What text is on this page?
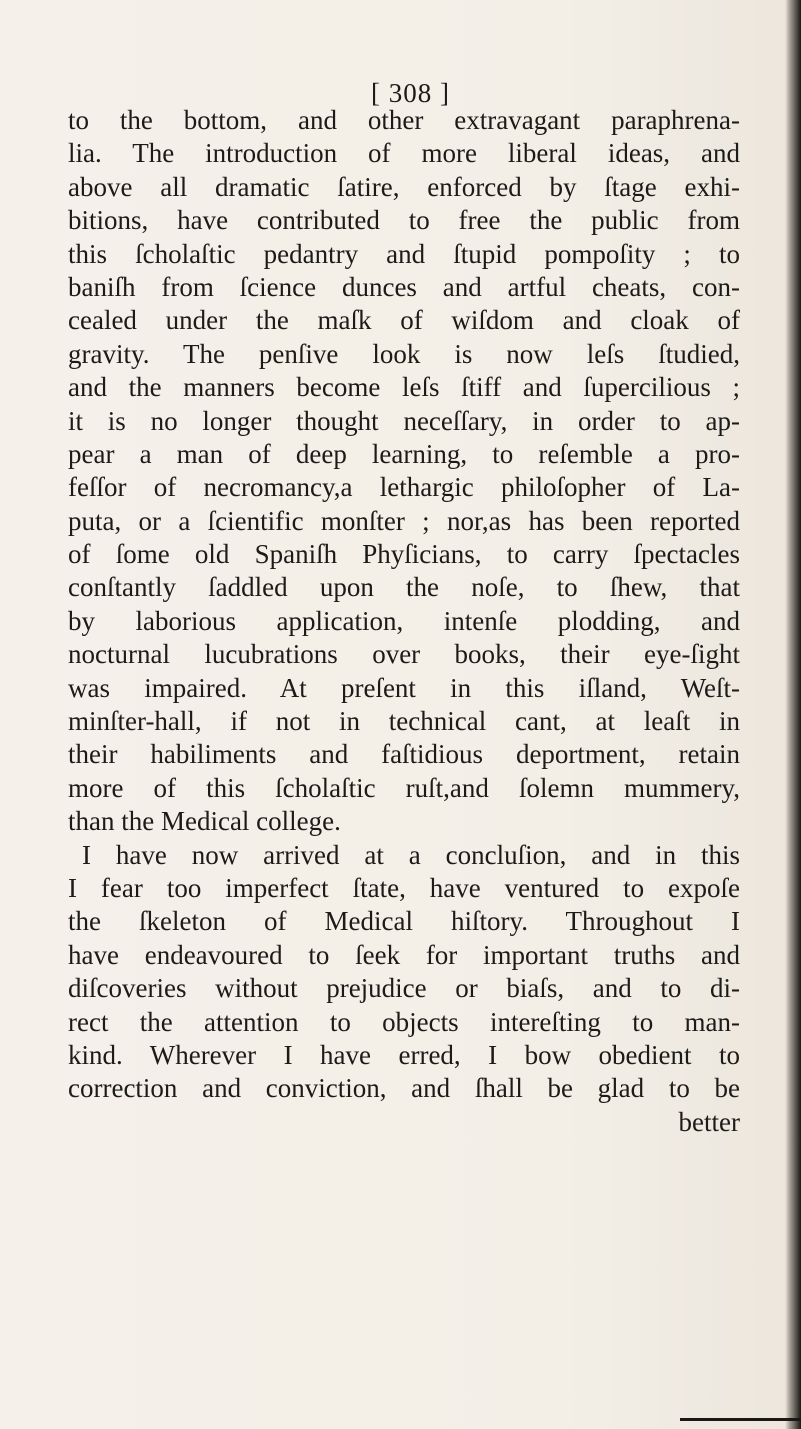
[ 308 ]
to the bottom, and other extravagant paraphrena-
lia. The introduction of more liberal ideas, and
above all dramatic ſatire, enforced by ſtage exhi-
bitions, have contributed to free the public from
this ſcholaſtic pedantry and ſtupid pompoſity ; to
baniſh from ſcience dunces and artful cheats, con-
cealed under the maſk of wiſdom and cloak of
gravity. The penſive look is now leſs ſtudied,
and the manners become leſs ſtiff and ſupercilious ;
it is no longer thought neceſſary, in order to ap-
pear a man of deep learning, to reſemble a pro-
feſſor of necromancy,a lethargic philoſopher of La-
puta, or a ſcientific monſter ; nor,as has been reported
of ſome old Spaniſh Phyſicians, to carry ſpectacles
conſtantly ſaddled upon the noſe, to ſhew, that
by laborious application, intenſe plodding, and
nocturnal lucubrations over books, their eye-ſight
was impaired. At preſent in this iſland, Weſt-
minſter-hall, if not in technical cant, at leaſt in
their habiliments and faſtidious deportment, retain
more of this ſcholaſtic ruſt,and ſolemn mummery,
than the Medical college.
I have now arrived at a concluſion, and in this
I fear too imperfect ſtate, have ventured to expoſe
the ſkeleton of Medical hiſtory. Throughout I
have endeavoured to ſeek for important truths and
diſcoveries without prejudice or biaſs, and to di-
rect the attention to objects intereſting to man-
kind. Wherever I have erred, I bow obedient to
correction and conviction, and ſhall be glad to be
better
